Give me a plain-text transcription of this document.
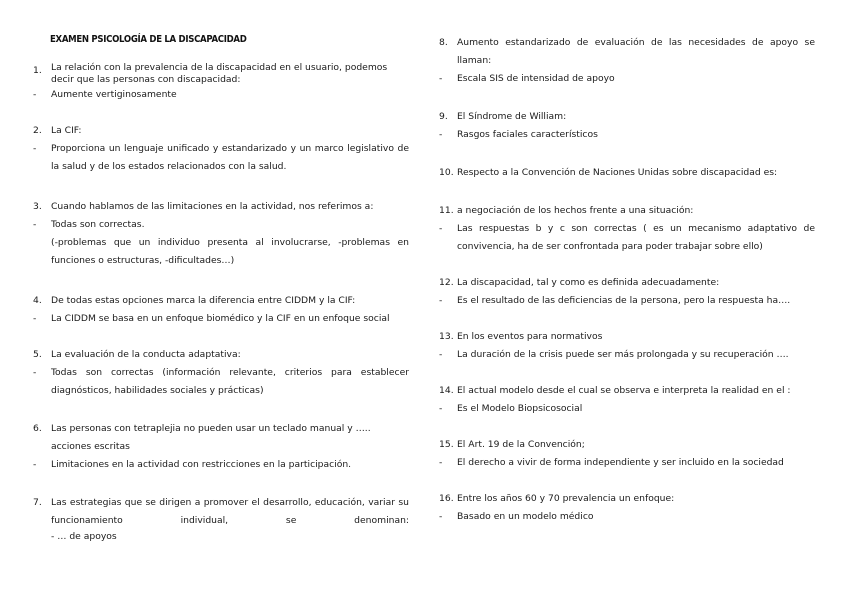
EXAMEN PSICOLOGÍA DE LA DISCAPACIDAD
1.	La relación con la prevalencia de la discapacidad en el usuario, podemos decir que las personas con discapacidad:
-	Aumente vertiginosamente
2.	La CIF:
-	Proporciona un lenguaje unificado y estandarizado y un marco legislativo de la salud y de los estados relacionados con la salud.
3.	Cuando hablamos de las limitaciones en la actividad, nos referimos a:
-	Todas son correctas.
(-problemas que un individuo presenta al involucrarse, -problemas en funciones o estructuras, -dificultades…)
4.	De todas estas opciones marca la diferencia entre CIDDM y la CIF:
-	La CIDDM se basa en un enfoque biomédico y la CIF en un enfoque social
5.	La evaluación de la conducta adaptativa:
-	Todas son correctas (información relevante, criterios para establecer diagnósticos, habilidades sociales y prácticas)
6.	Las personas con tetraplejia no pueden usar un teclado manual y ….. acciones escritas
-	Limitaciones en la actividad con restricciones en la participación.
7.	Las estrategias que se dirigen a promover el desarrollo, educación, variar su funcionamiento individual, se denominan:
- … de apoyos
8.	Aumento estandarizado de evaluación de las necesidades de apoyo se llaman:
-	Escala SIS de intensidad de apoyo
9.	El Síndrome de William:
-	Rasgos faciales característicos
10. Respecto a la Convención de Naciones Unidas sobre discapacidad es:
11. a negociación de los hechos frente a una situación:
-	Las respuestas b y c son correctas ( es un mecanismo adaptativo de convivencia, ha de ser confrontada para poder trabajar sobre ello)
12. La discapacidad, tal y como es definida adecuadamente:
-	Es el resultado de las deficiencias de la persona, pero la respuesta ha….
13. En los eventos para normativos
-	La duración de la crisis puede ser más prolongada y su recuperación ….
14. El actual modelo desde el cual se observa e interpreta la realidad en el :
-	Es el Modelo Biopsicosocial
15. El Art. 19 de la Convención;
-	El derecho a vivir de forma independiente y ser incluido en la sociedad
16. Entre los años 60 y 70 prevalencia un enfoque:
-	Basado en un modelo médico
